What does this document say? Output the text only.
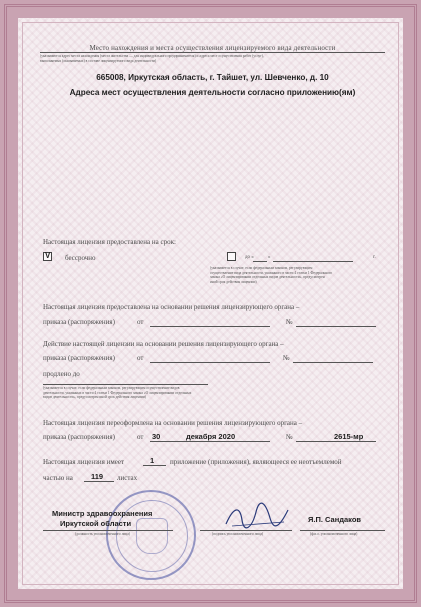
Место нахождения и места осуществления лицензируемого вида деятельности
(указываются адрес места нахождения (места жительства — для индивидуального предпринимателя) и адреса мест осуществления работ (услуг),
выполняемых (оказываемых) в составе лицензируемого вида деятельности)
665008, Иркутская область, г. Тайшет, ул. Шевченко, д. 10
Адреса мест осуществления деятельности согласно приложению(ям)
Настоящая лицензия предоставлена на срок:
V бессрочно	до «	»	г.
(указывается в случае, если федеральным законом, регулирующим
осуществление вида деятельности, указанного в части 4 статьи 1 Федерального
закона «О лицензировании отдельных видов деятельности», предусмотрен
иной срок действия лицензии)
Настоящая лицензия предоставлена на основании решения лицензирующего органа –
приказа (распоряжения)	от	№
Действие настоящей лицензии на основании решения лицензирующего органа –
приказа (распоряжения)	от	№
продлено до
(указывается в случае, если федеральным законом, регулирующим осуществление видов
деятельности, указанных в части 4 статьи 1 Федерального закона «О лицензировании отдельных
видов деятельности», предусмотрен иной срок действия лицензии)
Настоящая лицензия переоформлена на основании решения лицензирующего органа –
приказа (распоряжения)	от 30	декабря 2020	№	2615-мр
Настоящая лицензия имеет	1 приложение (приложения), являющееся ее неотъемлемой
частью на 119 листах
Министр здравоохранения
Иркутской области
(должность уполномоченного лица)	(подпись уполномоченного лица)
Я.П. Сандаков
(ф.и.о. уполномоченного лица)
